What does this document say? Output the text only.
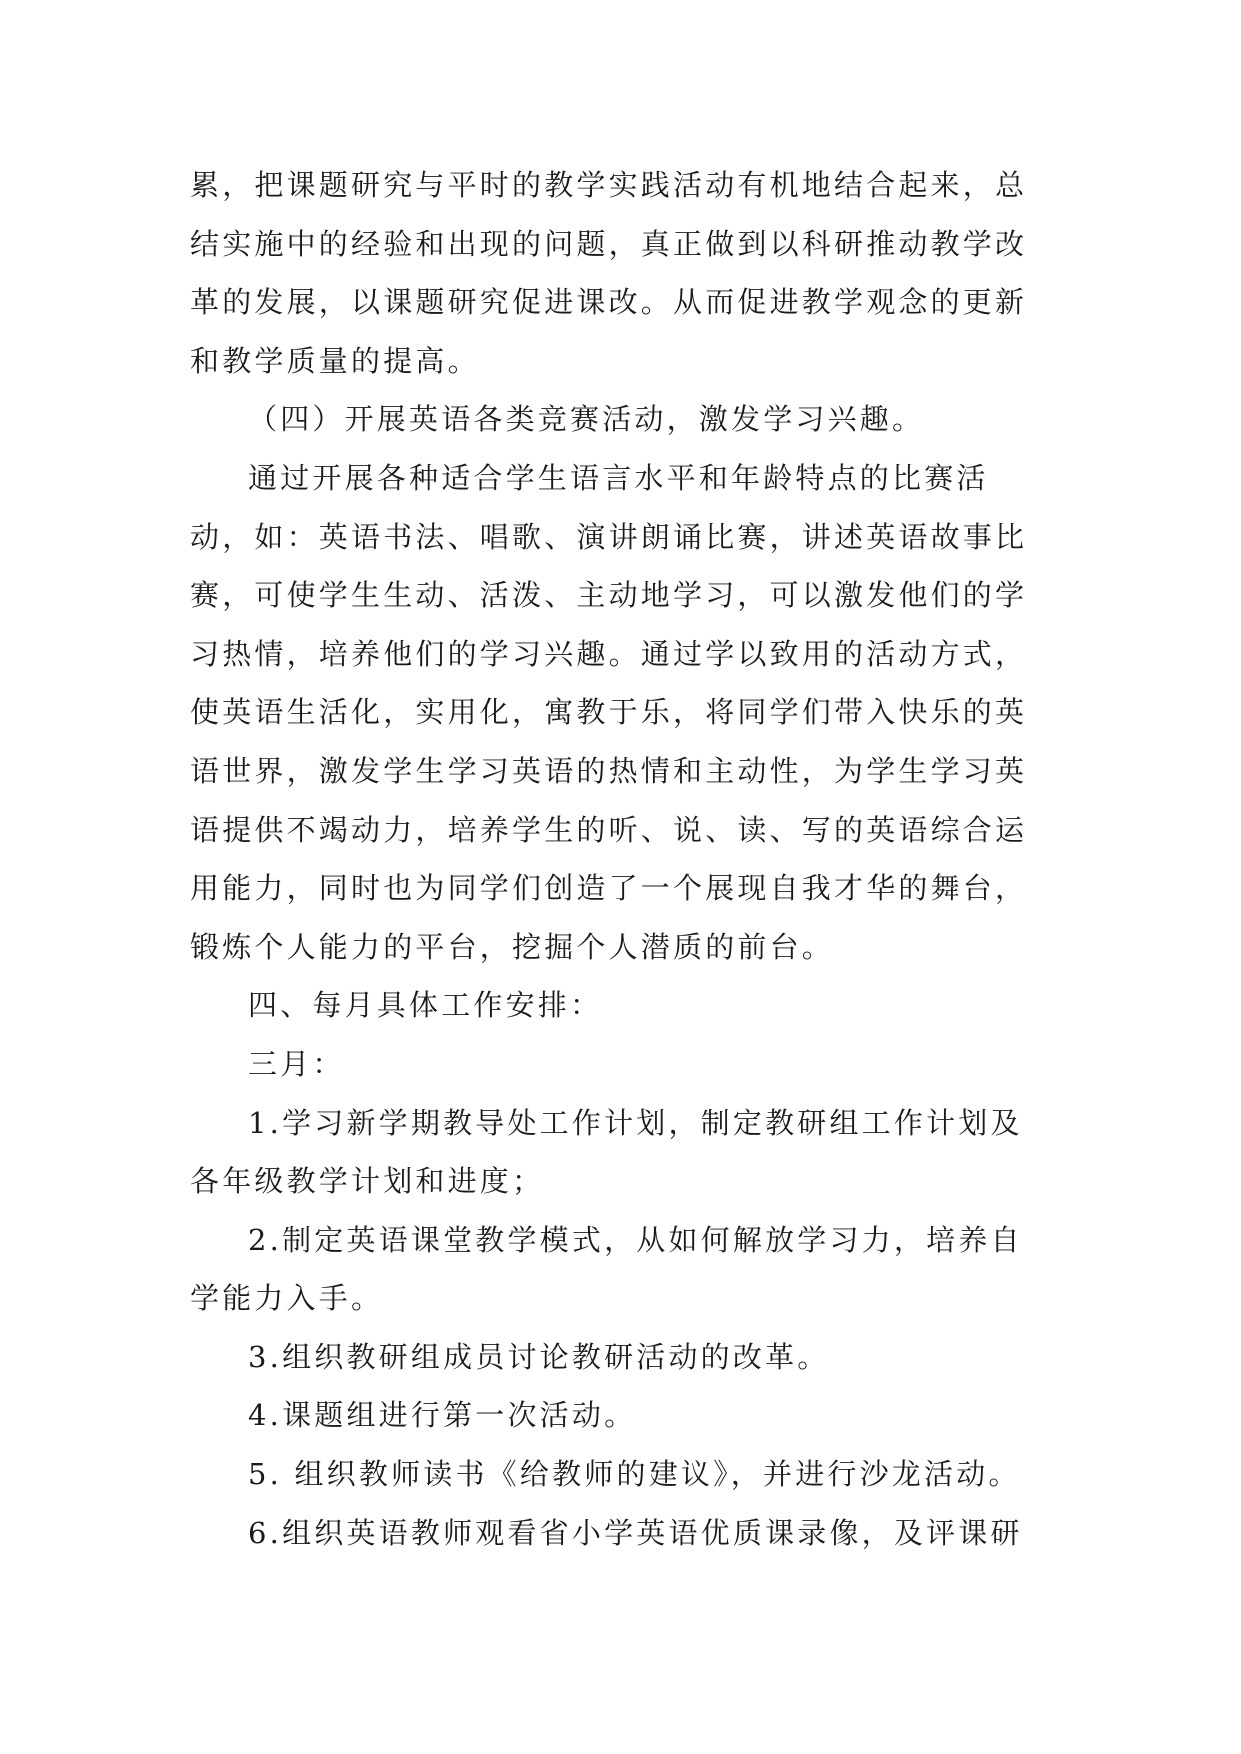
累，把课题研究与平时的教学实践活动有机地结合起来，总
结实施中的经验和出现的问题，真正做到以科研推动教学改
革的发展，以课题研究促进课改。从而促进教学观念的更新
和教学质量的提高。

（四）开展英语各类竞赛活动，激发学习兴趣。

通过开展各种适合学生语言水平和年龄特点的比赛活
动，如：英语书法、唱歌、演讲朗诵比赛，讲述英语故事比
赛，可使学生生动、活泼、主动地学习，可以激发他们的学
习热情，培养他们的学习兴趣。通过学以致用的活动方式，
使英语生活化，实用化，寓教于乐，将同学们带入快乐的英
语世界，激发学生学习英语的热情和主动性，为学生学习英
语提供不竭动力，培养学生的听、说、读、写的英语综合运
用能力，同时也为同学们创造了一个展现自我才华的舞台，
锻炼个人能力的平台，挖掘个人潜质的前台。

四、每月具体工作安排：

三月：

1.学习新学期教导处工作计划，制定教研组工作计划及
各年级教学计划和进度；

2.制定英语课堂教学模式，从如何解放学习力，培养自
学能力入手。

3.组织教研组成员讨论教研活动的改革。

4.课题组进行第一次活动。

5. 组织教师读书《给教师的建议》，并进行沙龙活动。

6.组织英语教师观看省小学英语优质课录像，及评课研
